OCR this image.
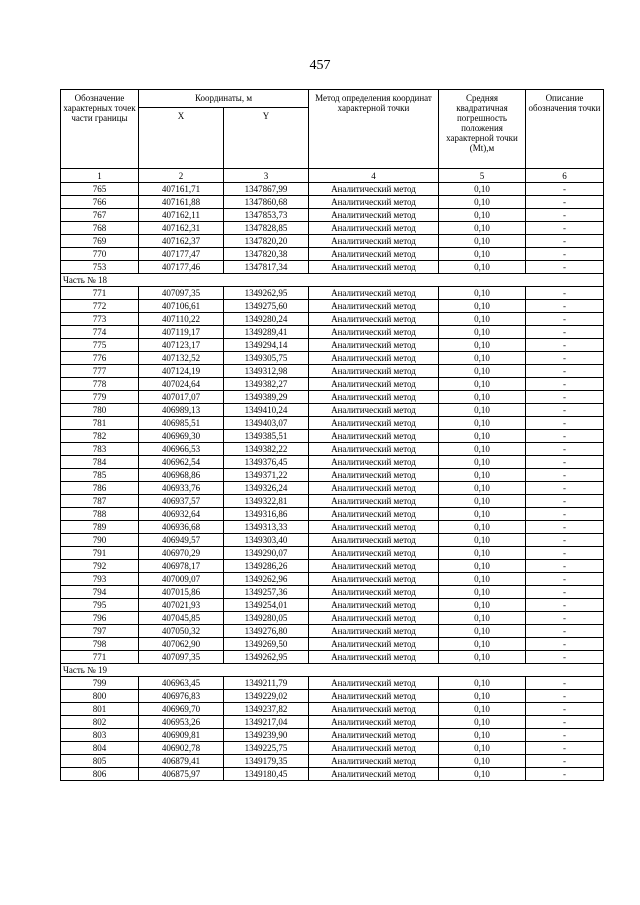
457
Обозначение характерных точек части границы	Координаты, м		Метод определения координат характерной точки	Средняя квадратичная погрешность положения характерной точки (Mt),м	Описание обозначения точки
	X	Y			
1	2	3	4	5	6
765	407161,71	1347867,99	Аналитический метод	0,10	-
766	407161,88	1347860,68	Аналитический метод	0,10	-
767	407162,11	1347853,73	Аналитический метод	0,10	-
768	407162,31	1347828,85	Аналитический метод	0,10	-
769	407162,37	1347820,20	Аналитический метод	0,10	-
770	407177,47	1347820,38	Аналитический метод	0,10	-
753	407177,46	1347817,34	Аналитический метод	0,10	-
Часть № 18					
771	407097,35	1349262,95	Аналитический метод	0,10	-
772	407106,61	1349275,60	Аналитический метод	0,10	-
773	407110,22	1349280,24	Аналитический метод	0,10	-
774	407119,17	1349289,41	Аналитический метод	0,10	-
775	407123,17	1349294,14	Аналитический метод	0,10	-
776	407132,52	1349305,75	Аналитический метод	0,10	-
777	407124,19	1349312,98	Аналитический метод	0,10	-
778	407024,64	1349382,27	Аналитический метод	0,10	-
779	407017,07	1349389,29	Аналитический метод	0,10	-
780	406989,13	1349410,24	Аналитический метод	0,10	-
781	406985,51	1349403,07	Аналитический метод	0,10	-
782	406969,30	1349385,51	Аналитический метод	0,10	-
783	406966,53	1349382,22	Аналитический метод	0,10	-
784	406962,54	1349376,45	Аналитический метод	0,10	-
785	406968,86	1349371,22	Аналитический метод	0,10	-
786	406933,76	1349326,24	Аналитический метод	0,10	-
787	406937,57	1349322,81	Аналитический метод	0,10	-
788	406932,64	1349316,86	Аналитический метод	0,10	-
789	406936,68	1349313,33	Аналитический метод	0,10	-
790	406949,57	1349303,40	Аналитический метод	0,10	-
791	406970,29	1349290,07	Аналитический метод	0,10	-
792	406978,17	1349286,26	Аналитический метод	0,10	-
793	407009,07	1349262,96	Аналитический метод	0,10	-
794	407015,86	1349257,36	Аналитический метод	0,10	-
795	407021,93	1349254,01	Аналитический метод	0,10	-
796	407045,85	1349280,05	Аналитический метод	0,10	-
797	407050,32	1349276,80	Аналитический метод	0,10	-
798	407062,90	1349269,50	Аналитический метод	0,10	-
771	407097,35	1349262,95	Аналитический метод	0,10	-
Часть № 19					
799	406963,45	1349211,79	Аналитический метод	0,10	-
800	406976,83	1349229,02	Аналитический метод	0,10	-
801	406969,70	1349237,82	Аналитический метод	0,10	-
802	406953,26	1349217,04	Аналитический метод	0,10	-
803	406909,81	1349239,90	Аналитический метод	0,10	-
804	406902,78	1349225,75	Аналитический метод	0,10	-
805	406879,41	1349179,35	Аналитический метод	0,10	-
806	406875,97	1349180,45	Аналитический метод	0,10	-
